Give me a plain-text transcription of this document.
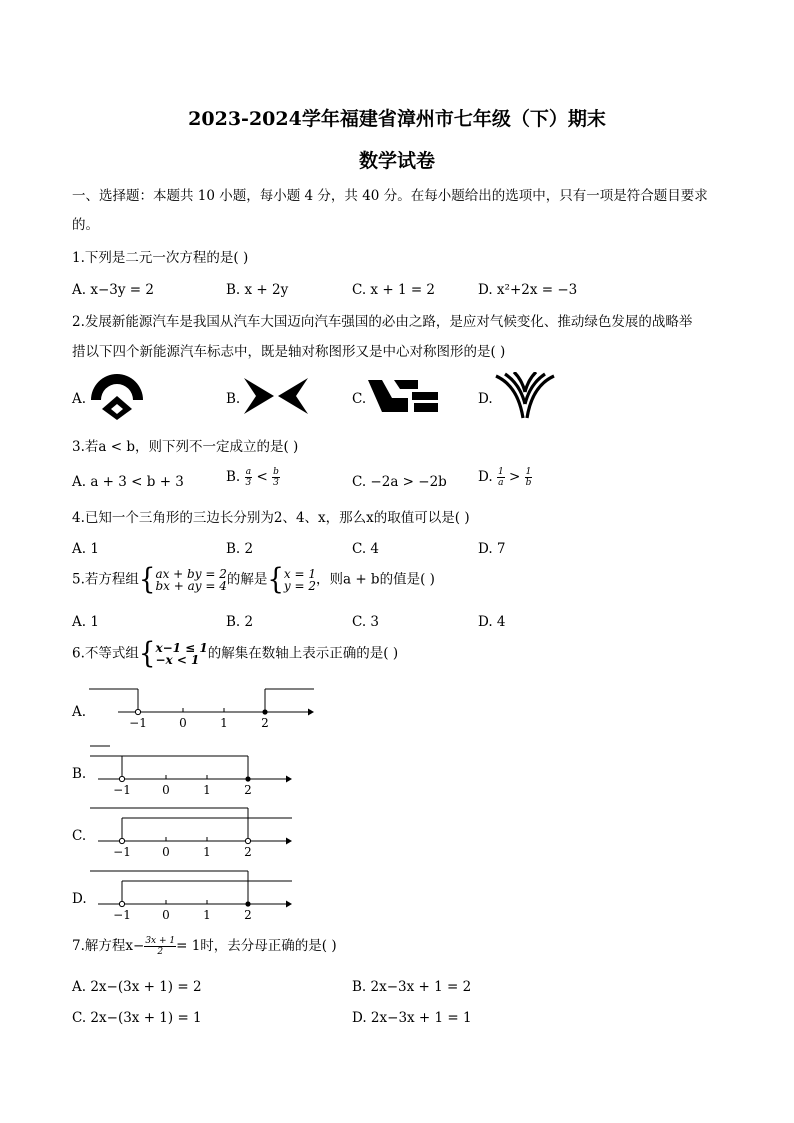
2023-2024学年福建省漳州市七年级（下）期末
数学试卷
一、选择题：本题共 10 小题，每小题 4 分，共 40 分。在每小题给出的选项中，只有一项是符合题目要求
的。
1.下列是二元一次方程的是( )
A. x−3y = 2	B. x + 2y	C. x + 1 = 2	D. x²+2x = −3
2.发展新能源汽车是我国从汽车大国迈向汽车强国的必由之路，是应对气候变化、推动绿色发展的战略举
措以下四个新能源汽车标志中，既是轴对称图形又是中心对称图形的是( )
A.	B.	C.	D.
3.若a < b，则下列不一定成立的是( )
A. a + 3 < b + 3	B. $\frac{a}{3} < \frac{b}{3}$	C. −2a > −2b D. $\frac{1}{a} > \frac{1}{b}$
4.已知一个三角形的三边长分别为2、4、x，那么x的取值可以是( )
A. 1	B. 2	C. 4	D. 7
5.若方程组{ ax + by = 2
bx + ay = 4 的解是{ x = 1
y = 2 ，则a + b的值是( )
A. 1	B. 2	C. 3	D. 4
6.不等式组{ x−1 ≤ 1
−x < 1 的解集在数轴上表示正确的是( )
A.
−1	0	1	2
B.
−1	0	1	2
C.
−1	0	1	2
D.
−1	0	1	2
7.解方程$x- \frac{3x + 1}{2} = 1$时，去分母正确的是( )
A. 2x−(3x + 1) = 2	B. 2x−3x + 1 = 2
C. 2x−(3x + 1) = 1	D. 2x−3x + 1 = 1
